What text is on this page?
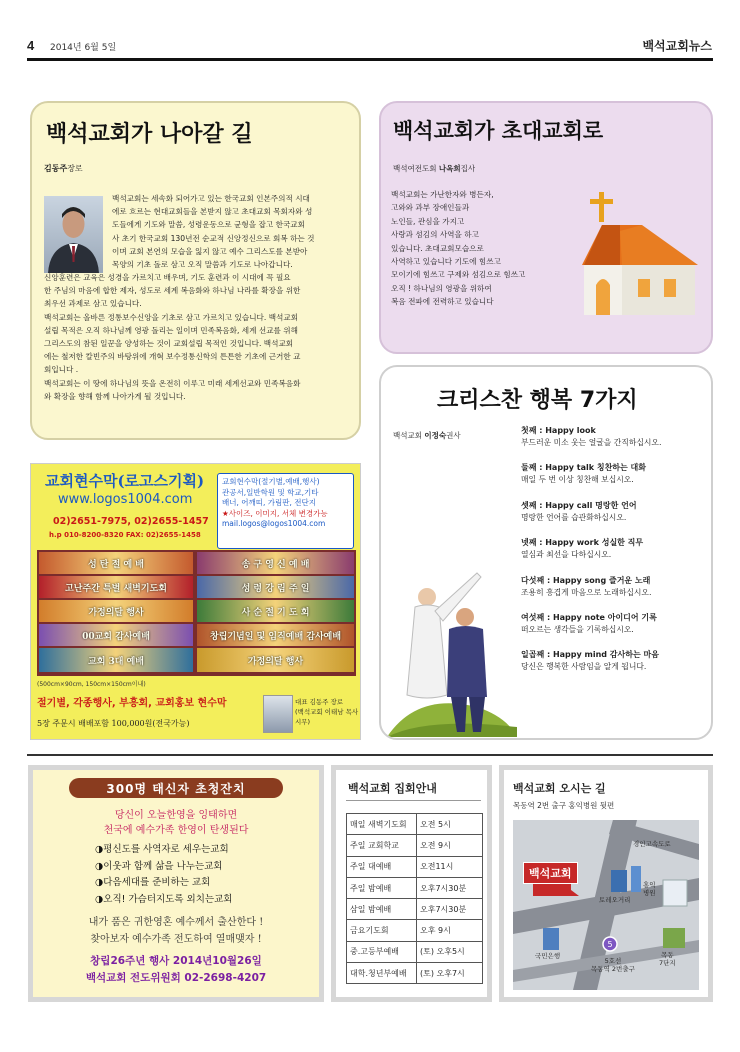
4 2014년 6월 5일	백석교회뉴스
백석교회가 나아갈 길
김동주장로

백석교회는 세속화 되어가고 있는 한국교회 인본주의적 시대

에로 흐르는 현대교회들을 본받지 않고 초대교회 목회자와 성

도들에게 기도와 말씀, 성령운동으로 균형을 잡고 한국교회

사 초기 한국교회 130년전 순교적 신앙정신으로 회복 하는 것

이며 교회 본연의 모습을 잃지 않고 예수 그리스도를 본받아

목양의 기초 돌로 삼고 오직 말씀과 기도로 나아갑니다.

신앙훈련은 교육은 성경을 가르치고 배우며, 기도 훈련과 이 시대에 꼭 필요

한 주님의 마음에 합한 제자, 성도로 세계 복음화와 하나님 나라를 확장을 위한

최우선 과제로 삼고 있습니다.

백석교회는 올바른 정통보수신앙을 기초로 삼고 가르치고 있습니다. 백석교회

설립 목적은 오직 하나님께 영광 돌리는 일이며 민족복음화, 세계 선교를 위해

그리스도의 참된 일꾼을 양성하는 것이 교회설립 목적인 것입니다. 백석교회

에는 철저한 칼빈주의 바탕위에 개혁 보수정통신학의 튼튼한 기초에 근거한 교

회입니다 .

백석교회는 이 땅에 하나님의 뜻을 온전히 이루고 미래 세계선교와 민족복음화

와 확장을 향해 함께 나아가게 될 것입니다.

백석교회가 초대교회로
백석여전도회 나옥희집사

백석교회는 가난한자와 병든자,

고와와 과부 장애인들과

노인들, 관심을 가지고

사랑과 섬김의 사역을 하고

있습니다. 초대교회모습으로

사역하고 있습니다 기도에 힘쓰고

모이기에 힘쓰고 구제와 섬김으로 힘쓰고

오직 ! 하나님의 영광을 위하여

복음 전파에 전력하고 있습니다

크리스찬 행복 7가지
백석교회 이정숙권사
첫째 : Happy look
부드러운 미소 웃는 얼굴을 간직하십시오.
둘째 : Happy talk 칭찬하는 대화
매일 두 번 이상 칭찬해 보십시오.
셋째 : Happy call 명랑한 언어
명랑한 언어를 습관화하십시오.
넷째 : Happy work 성실한 직무
열심과 최선을 다하십시오.
다섯째 : Happy song 즐거운 노래
조용히 흥겹게 마음으로 노래하십시오.
여섯째 : Happy note 아이디어 기록
떠오르는 생각들을 기록하십시오.
일곱째 : Happy mind 감사하는 마음
당신은 행복한 사람임을 알게 됩니다.
교회현수막(로고스기획)
www.logos1004.com
02)2651-7975, 02)2655-1457
h.p 010-8200-8320 FAX: 02)2655-1458
교회현수막(절기별,예배,행사)
관공서,일반학원 및 학교,기타
배너, 어깨띠, 가림판, 전단지
★사이즈, 이미지, 서체 변경가능
mail.logos@logos1004.com
성 탄 절 예 배	송 구 영 신 예 배
고난주간 특별 새벽기도회	성 령 강 림 주 일
가정의달 행사	사 순 절 기 도 회
00교회 감사예배	창립기념일 및 임직예배 감사예배
교회 3대 예배	가정의달 행사
(500cm×90cm, 150cm×150cm이내)
절기별, 각종행사, 부흥회, 교회홍보 현수막
5장 주문시 배배포함 100,000원(전국가능)
대표 김동주 장로
(백석교회 이태남 목사 시무)
300명 태신자 초청잔치
당신이 오늘한영을 잉태하면
천국에 예수가족 한영이 탄생된다
◑평신도를 사역자로 세우는교회
◑이웃과 함께 삶을 나누는교회
◑다음세대를 준비하는 교회
◑오직! 가슴터지도록 외치는교회
내가 품은 귀한영혼 예수께서 출산한다 !
찾아보자 예수가족 전도하여 열매맺자 !
창립26주년 행사 2014년10월26일
백석교회 전도위원회 02-2698-4207
백석교회 집회안내
매일 새벽기도회	오전 5시
주일 교회학교	오전 9시
주일 대예배	오전11시
주일 밤예배	오후7시30분
삼일 밤예배	오후7시30분
금요기도회	오후 9시
중.고등부예배	(토) 오후5시
대학.청년부예배	(토) 오후7시
백석교회 오시는 길
목동역 2번 출구 홍익병원 뒷편
5
백석교회
경인고속도로
토레오거리
홍익
병원
국민은행
5호선
목동역 2번출구
목동
7단지
